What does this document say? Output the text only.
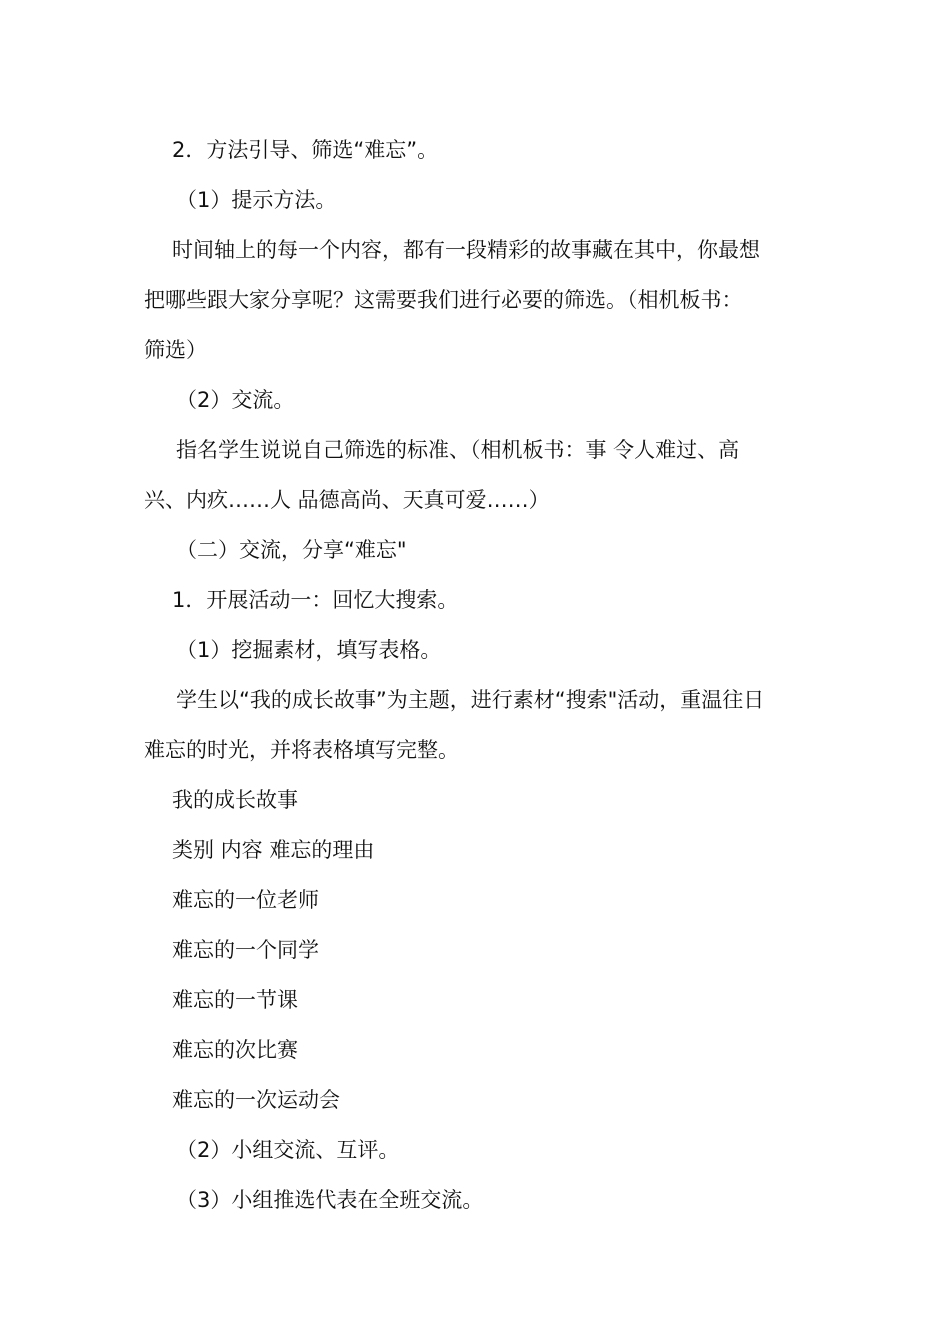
2．方法引导、筛选“难忘”。
（1）提示方法。
时间轴上的每一个内容，都有一段精彩的故事藏在其中，你最想
把哪些跟大家分享呢？这需要我们进行必要的筛选。（相机板书：
筛选）
（2）交流。
指名学生说说自己筛选的标准、（相机板书：事 令人难过、高
兴、内疚……人 品德高尚、天真可爱……）
（二）交流，分享“难忘"
1．开展活动一：回忆大搜索。
（1）挖掘素材，填写表格。
学生以“我的成长故事”为主题，进行素材“搜索"活动，重温往日
难忘的时光，并将表格填写完整。
我的成长故事
类别 内容 难忘的理由
难忘的一位老师
难忘的一个同学
难忘的一节课
难忘的次比赛
难忘的一次运动会
（2）小组交流、互评。
（3）小组推选代表在全班交流。
